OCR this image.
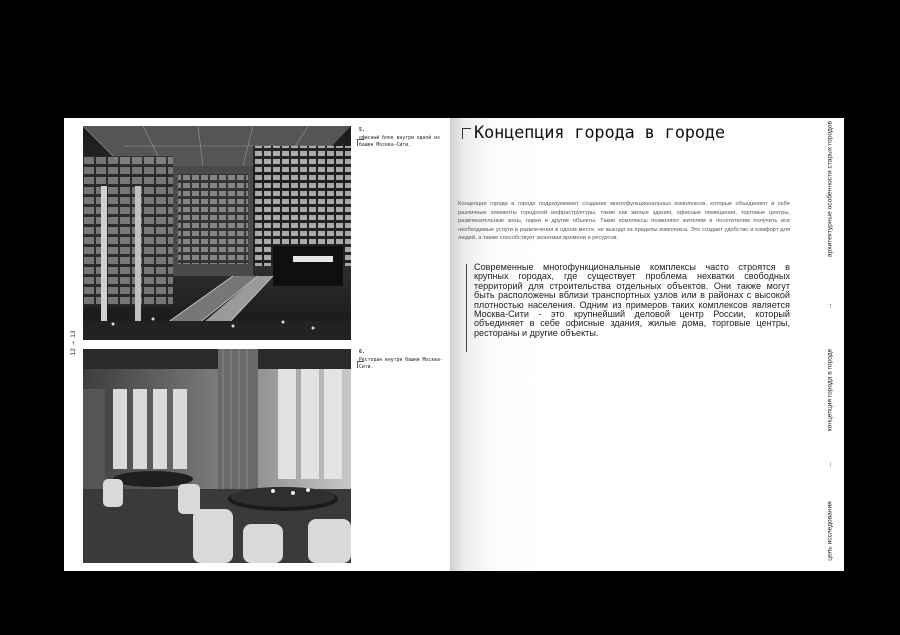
12
→
13
5.
офисный блок внутри одной из башен Москва-Сити.
6.
Ресторан внутри башни Москва-Сити.
Концепция города в городе
Концепция города в городе подразумевает создание многофункциональных комплексов, которые объединяют в себе различные элементы городской инфраструктуры, такие как жилые здания, офисные помещения, торговые центры, развлекательные зоны, парки и другие объекты. Такие комплексы позволяют жителям и посетителям получить все необходимые услуги и развлечения в одном месте, не выходя за пределы комплекса. Это создает удобство и комфорт для людей, а также способствует экономии времени и ресурсов.
Современные многофункциональные комплексы часто строятся в крупных городах, где существует проблема нехватки свободных территорий для строительства отдельных объектов. Они также могут быть расположены вблизи транспортных узлов или в районах с высокой плотностью населения. Одним из примеров таких комплексов является Москва-Сити - это крупнейший деловой центр России, который объединяет в себе офисные здания, жилые дома, торговые центры, рестораны и другие объекты.
архитектурные особенности старых городов
→
концепция города в городе
←
цель исследования
